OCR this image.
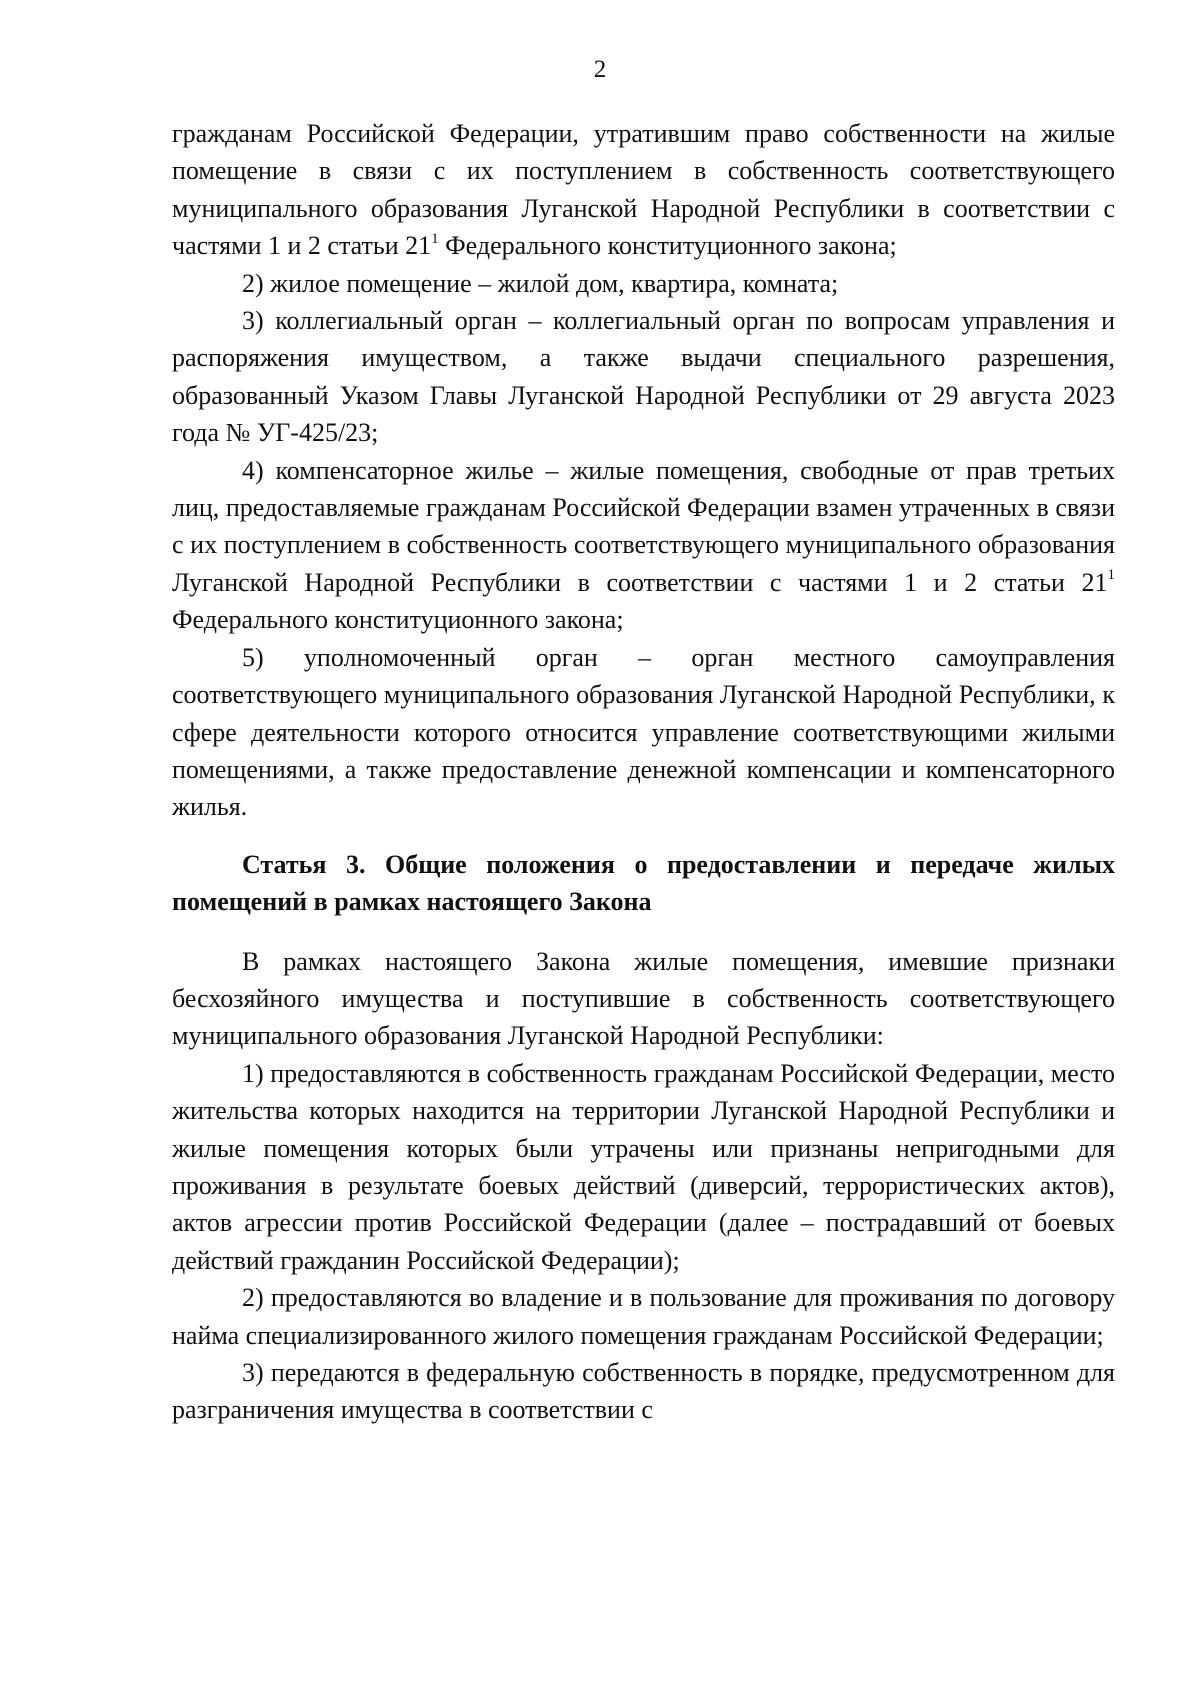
2

гражданам Российской Федерации, утратившим право собственности на жилые помещение в связи с их поступлением в собственность соответствующего муниципального образования Луганской Народной Республики в соответствии с частями 1 и 2 статьи $21^1$ Федерального конституционного закона;

2) жилое помещение – жилой дом, квартира, комната;

3) коллегиальный орган – коллегиальный орган по вопросам управления и распоряжения имуществом, а также выдачи специального разрешения, образованный Указом Главы Луганской Народной Республики от 29 августа 2023 года № УГ-425/23;

4) компенсаторное жилье – жилые помещения, свободные от прав третьих лиц, предоставляемые гражданам Российской Федерации взамен утраченных в связи с их поступлением в собственность соответствующего муниципального образования Луганской Народной Республики в соответствии с частями 1 и 2 статьи $21^1$ Федерального конституционного закона;

5) уполномоченный орган – орган местного самоуправления соответствующего муниципального образования Луганской Народной Республики, к сфере деятельности которого относится управление соответствующими жилыми помещениями, а также предоставление денежной компенсации и компенсаторного жилья.

Статья 3. Общие положения о предоставлении и передаче жилых помещений в рамках настоящего Закона

В рамках настоящего Закона жилые помещения, имевшие признаки бесхозяйного имущества и поступившие в собственность соответствующего муниципального образования Луганской Народной Республики:

1) предоставляются в собственность гражданам Российской Федерации, место жительства которых находится на территории Луганской Народной Республики и жилые помещения которых были утрачены или признаны непригодными для проживания в результате боевых действий (диверсий, террористических актов), актов агрессии против Российской Федерации (далее – пострадавший от боевых действий гражданин Российской Федерации);

2) предоставляются во владение и в пользование для проживания по договору найма специализированного жилого помещения гражданам Российской Федерации;

3) передаются в федеральную собственность в порядке, предусмотренном для разграничения имущества в соответствии с
